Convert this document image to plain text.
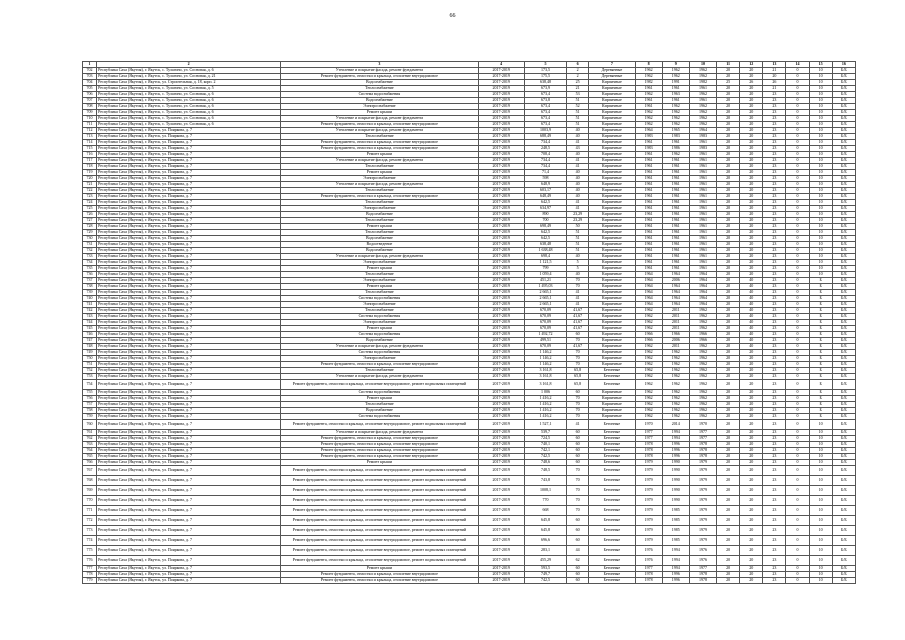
66
1	2	3	4	5	6	7	8	9	10	11	12	13	14	15	16
702	Республика Саха (Якутия), г. Якутск, с. Тулагино, ул. Сосновая, д. 6	Утепление и покрытие фасада, ремонт фундамента	2017-2019	173,5	2	Деревянные	1962	1962	1962	20	20	21	0	10	Б/Б
703	Республика Саха (Якутия), г. Якутск, с. Тулагино, ул. Сосновая, д. 21	Ремонт фундамента, отмостки и крыльца, отопление внутридомовое	2017-2019	175,5	2	Деревянные	1962	1962	1962	20	20	20	0	10	Б/Б
704	Республика Саха (Якутия), г. Якутск, ул. Строительная, д. 18, корп. 2	Водоснабжение	2017-2019	638,48	25	Кирпичные	1982	1991	1982	25	26	26	0	10	Б/Б
705	Республика Саха (Якутия), г. Якутск, с. Тулагино, ул. Сосновая, д. 5	Теплоснабжение	2017-2019	673,9	21	Кирпичные	1961	1961	1961	20	20	21	0	10	Б/Б
706	Республика Саха (Якутия), г. Якутск, с. Тулагино, ул. Сосновая, д. 6	Система водоснабжения	2017-2019	673,4	53	Кирпичные	1962	1963	1962	20	20	23	0	10	Б/Б
707	Республика Саха (Якутия), г. Якутск, с. Тулагино, ул. Сосновая, д. 6	Водоснабжение	2017-2019	673,8	51	Кирпичные	1961	1961	1961	20	20	23	0	10	Б/Б
708	Республика Саха (Якутия), г. Якутск, с. Тулагино, ул. Сосновая, д. 6	Электроснабжение	2017-2019	673,4	52	Кирпичные	1961	1962	1962	20	20	23	0	10	Б/Б
709	Республика Саха (Якутия), г. Якутск, с. Тулагино, ул. Сосновая, д. 6	Ремонт крыши	2017-2019	673,4	51	Кирпичные	1962	1962	1962	20	20	23	0	10	Б/Б
710	Республика Саха (Якутия), г. Якутск, с. Тулагино, ул. Сосновая, д. 6	Утепление и покрытие фасада, ремонт фундамента	2017-2019	673,4	51	Кирпичные	1962	1962	1962	20	20	23	0	10	Б/Б
711	Республика Саха (Якутия), г. Якутск, с. Тулагино, ул. Сосновая, д. 6	Ремонт фундамента, отмостки и крыльца, отопление внутридомовое	2017-2019	673,4	51	Кирпичные	1962	1962	1962	20	20	23	0	10	Б/Б
712	Республика Саха (Якутия), г. Якутск, ул. Пояркова, д. 7	Утепление и покрытие фасада, ремонт фундамента	2017-2019	1003,9	40	Кирпичные	1964	1965	1964	20	20	23	0	10	Б/Б
713	Республика Саха (Якутия), г. Якутск, ул. Пояркова, д. 7	Теплоснабжение	2017-2019	688,49	40	Кирпичные	1983	1983	1983	20	20	23	0	10	Б/Б
714	Республика Саха (Якутия), г. Якутск, ул. Пояркова, д. 7	Ремонт фундамента, отмостки и крыльца, отопление внутридомовое	2017-2019	734,4	41	Кирпичные	1961	1961	1961	20	20	23	0	10	Б/Б
715	Республика Саха (Якутия), г. Якутск, ул. Пояркова, д. 7	Ремонт фундамента, отмостки и крыльца, отопление внутридомовое	2017-2019	248,5	43	Кирпичные	1983	1986	1983	20	20	23	0	10	Б/Б
716	Республика Саха (Якутия), г. Якутск, ул. Пояркова, д. 7	Ремонт крыши	2017-2019	708,4	40	Кирпичные	1961	1962	1961	20	20	23	0	10	Б/Б
717	Республика Саха (Якутия), г. Якутск, ул. Пояркова, д. 7	Утепление и покрытие фасада, ремонт фундамента	2017-2019	734,4	41	Кирпичные	1961	1961	1961	20	20	23	0	10	Б/Б
718	Республика Саха (Якутия), г. Якутск, ул. Пояркова, д. 7	Теплоснабжение	2017-2019	734,4	41	Кирпичные	1961	1961	1961	20	20	23	0	10	Б/Б
719	Республика Саха (Якутия), г. Якутск, ул. Пояркова, д. 7	Ремонт крыши	2017-2019	71,4	40	Кирпичные	1961	1961	1961	20	20	23	0	10	Б/Б
720	Республика Саха (Якутия), г. Якутск, ул. Пояркова, д. 7	Электроснабжение	2017-2019	598	40	Кирпичные	1961	1961	1961	20	20	23	0	10	Б/Б
721	Республика Саха (Якутия), г. Якутск, ул. Пояркова, д. 7	Утепление и покрытие фасада, ремонт фундамента	2017-2019	648,9	40	Кирпичные	1961	1961	1961	20	20	23	0	10	Б/Б
722	Республика Саха (Якутия), г. Якутск, ул. Пояркова, д. 7	Теплоснабжение	2017-2019	603,17	40	Кирпичные	1961	1961	1961	20	20	23	0	10	Б/Б
723	Республика Саха (Якутия), г. Якутск, ул. Пояркова, д. 7	Ремонт фундамента, отмостки и крыльца, отопление внутридомовое	2017-2019	648,49	40	Кирпичные	1961	1961	1961	20	20	23	0	10	Б/Б
724	Республика Саха (Якутия), г. Якутск, ул. Пояркова, д. 7	Теплоснабжение	2017-2019	642,5	41	Кирпичные	1961	1961	1961	20	20	23	0	10	Б/Б
725	Республика Саха (Якутия), г. Якутск, ул. Пояркова, д. 7	Электроснабжение	2017-2019	634,97	41	Кирпичные	1961	1961	1961	20	20	23	0	10	Б/Б
726	Республика Саха (Якутия), г. Якутск, ул. Пояркова, д. 7	Водоснабжение	2017-2019	890	23,29	Кирпичные	1961	1961	1961	20	20	23	0	10	Б/Б
727	Республика Саха (Якутия), г. Якутск, ул. Пояркова, д. 7	Теплоснабжение	2017-2019	700	23,29	Кирпичные	1961	1961	1961	20	20	23	0	10	Б/Б
728	Республика Саха (Якутия), г. Якутск, ул. Пояркова, д. 7	Ремонт крыши	2017-2019	698,49	50	Кирпичные	1961	1961	1961	20	20	23	0	10	Б/Б
729	Республика Саха (Якутия), г. Якутск, ул. Пояркова, д. 7	Теплоснабжение	2017-2019	642,5	51	Кирпичные	1961	1961	1961	20	20	23	0	10	Б/Б
730	Республика Саха (Якутия), г. Якутск, ул. Пояркова, д. 7	Водоснабжение	2017-2019	642,5	51	Кирпичные	1961	1961	1961	20	20	23	0	10	Б/Б
731	Республика Саха (Якутия), г. Якутск, ул. Пояркова, д. 7	Водоотведение	2017-2019	638,48	51	Кирпичные	1961	1961	1961	20	20	23	0	10	Б/Б
732	Республика Саха (Якутия), г. Якутск, ул. Пояркова, д. 7	Водоснабжение	2017-2019	1 638,48	51	Кирпичные	1961	1961	1961	20	20	23	0	10	Б/Б
733	Республика Саха (Якутия), г. Якутск, ул. Пояркова, д. 7	Утепление и покрытие фасада, ремонт фундамента	2017-2019	698,4	40	Кирпичные	1961	1961	1961	20	20	23	0	10	Б/Б
734	Республика Саха (Якутия), г. Якутск, ул. Пояркова, д. 7	Электроснабжение	2017-2019	1 121,5	5	Кирпичные	1961	1961	1961	20	20	23	0	10	Б/Б
735	Республика Саха (Якутия), г. Якутск, ул. Пояркова, д. 7	Ремонт крыши	2017-2019	799	5	Кирпичные	1961	1961	1961	20	20	23	0	10	Б/Б
736	Республика Саха (Якутия), г. Якутск, ул. Пояркова, д. 7	Теплоснабжение	2017-2019	1 059,4	40	Кирпичные	1964	1964	1964	20	20	23	0	10	Б/Б
737	Республика Саха (Якутия), г. Якутск, ул. Пояркова, д. 7	Электроснабжение	2017-2019	451,21	70	Кирпичные	1964	2006	1964	20	40	23	0	Б	Б/Б
738	Республика Саха (Якутия), г. Якутск, ул. Пояркова, д. 7	Ремонт крыши	2017-2019	1 495,03	70	Кирпичные	1964	1964	1964	20	40	23	0	Б	Б/Б
739	Республика Саха (Якутия), г. Якутск, ул. Пояркова, д. 7	Теплоснабжение	2017-2019	2 665,1	41	Кирпичные	1964	1964	1964	20	40	23	0	Б	Б/Б
740	Республика Саха (Якутия), г. Якутск, ул. Пояркова, д. 7	Система водоснабжения	2017-2019	2 665,1	41	Кирпичные	1964	1964	1964	20	40	23	0	Б	Б/Б
741	Республика Саха (Якутия), г. Якутск, ул. Пояркова, д. 7	Электроснабжение	2017-2019	2 665,1	41	Кирпичные	1964	1964	1964	20	40	23	0	Б	Б/Б
742	Республика Саха (Якутия), г. Якутск, ул. Пояркова, д. 7	Теплоснабжение	2017-2019	670,09	41,67	Кирпичные	1962	2011	1962	20	40	23	0	Б	Б/Б
743	Республика Саха (Якутия), г. Якутск, ул. Пояркова, д. 7	Система водоснабжения	2017-2019	670,09	41,67	Кирпичные	1962	2011	1962	20	40	23	0	Б	Б/Б
744	Республика Саха (Якутия), г. Якутск, ул. Пояркова, д. 7	Электроснабжение	2017-2019	670,09	41,67	Кирпичные	1962	2011	1962	20	40	23	0	Б	Б/Б
745	Республика Саха (Якутия), г. Якутск, ул. Пояркова, д. 7	Ремонт крыши	2017-2019	670,09	41,67	Кирпичные	1962	2011	1962	20	40	23	0	Б	Б/Б
746	Республика Саха (Якутия), г. Якутск, ул. Пояркова, д. 7	Система водоснабжения	2017-2019	1 492,72	60	Кирпичные	1966	1966	1966	20	40	23	0	Б	Б/Б
747	Республика Саха (Якутия), г. Якутск, ул. Пояркова, д. 7	Водоснабжение	2017-2019	499,51	70	Кирпичные	1966	2006	1966	20	40	23	0	Б	Б/Б
748	Республика Саха (Якутия), г. Якутск, ул. Пояркова, д. 7	Утепление и покрытие фасада, ремонт фундамента	2017-2019	670,09	41,67	Кирпичные	1962	2011	1962	20	40	23	0	Б	Б/Б
749	Республика Саха (Якутия), г. Якутск, ул. Пояркова, д. 7	Система водоснабжения	2017-2019	1 146,2	70	Кирпичные	1962	1962	1962	20	20	23	0	Б	Б/Б
750	Республика Саха (Якутия), г. Якутск, ул. Пояркова, д. 7	Электроснабжение	2017-2019	1 146,2	70	Кирпичные	1962	1962	1962	20	20	23	0	Б	Б/Б
751	Республика Саха (Якутия), г. Якутск, ул. Пояркова, д. 7	Ремонт фундамента, отмостки и крыльца, отопление внутридомовое	2017-2019	1 146,2	70	Кирпичные	1962	1962	1962	20	20	23	0	Б	Б/Б
752	Республика Саха (Якутия), г. Якутск, ул. Пояркова, д. 7	Теплоснабжение	2017-2019	3 161,8	65,8	Бетонные	1962	1962	1962	20	20	23	0	Б	Б/Б
753	Республика Саха (Якутия), г. Якутск, ул. Пояркова, д. 7	Утепление и покрытие фасада, ремонт фундамента	2017-2019	3 161,8	65,8	Бетонные	1962	1962	1962	20	20	23	0	Б	Б/Б
754	Республика Саха (Якутия), г. Якутск, ул. Пояркова, д. 7	Ремонт фундамента, отмостки и крыльца, отопление внутридомовое, ремонт подвальных помещений	2017-2019	3 161,8	65,8	Бетонные	1962	1962	1962	20	20	23	0	Б	Б/Б
755	Республика Саха (Якутия), г. Якутск, ул. Пояркова, д. 7	Система водоснабжения	2017-2019	1 006	60	Кирпичные	1962	1962	1962	20	20	23	0	Б	Б/Б
756	Республика Саха (Якутия), г. Якутск, ул. Пояркова, д. 7	Ремонт крыши	2017-2019	1 416,2	70	Кирпичные	1962	1962	1962	20	20	23	0	Б	Б/Б
757	Республика Саха (Якутия), г. Якутск, ул. Пояркова, д. 7	Теплоснабжение	2017-2019	1 416,2	70	Кирпичные	1962	1962	1962	20	20	23	0	Б	Б/Б
758	Республика Саха (Якутия), г. Якутск, ул. Пояркова, д. 7	Водоснабжение	2017-2019	1 416,2	70	Кирпичные	1962	1962	1962	20	20	23	0	Б	Б/Б
759	Республика Саха (Якутия), г. Якутск, ул. Пояркова, д. 7	Система водоснабжения	2017-2019	1 416,2	70	Кирпичные	1962	1962	1962	20	20	23	0	Б	Б/Б
760	Республика Саха (Якутия), г. Якутск, ул. Пояркова, д. 7	Ремонт фундамента, отмостки и крыльца, отопление внутридомовое, ремонт подвальных помещений	2017-2019	1 527,1	41	Бетонные	1970	2014	1970	20	20	23	0	10	Б/Б
761	Республика Саха (Якутия), г. Якутск, ул. Пояркова, д. 7	Утепление и покрытие фасада, ремонт фундамента	2017-2019	539,7	60	Бетонные	1977	1994	1977	20	20	23	0	10	Б/Б
762	Республика Саха (Якутия), г. Якутск, ул. Пояркова, д. 7	Ремонт фундамента, отмостки и крыльца, отопление внутридомовое	2017-2019	724,5	60	Бетонные	1977	1994	1977	20	20	23	0	10	Б/Б
763	Республика Саха (Якутия), г. Якутск, ул. Пояркова, д. 7	Ремонт фундамента, отмостки и крыльца, отопление внутридомовое	2017-2019	740,1	60	Бетонные	1978	1996	1978	20	20	23	0	10	Б/Б
764	Республика Саха (Якутия), г. Якутск, ул. Пояркова, д. 7	Ремонт фундамента, отмостки и крыльца, отопление внутридомовое	2017-2019	742,1	60	Бетонные	1978	1996	1978	20	20	23	0	10	Б/Б
765	Республика Саха (Якутия), г. Якутск, ул. Пояркова, д. 7	Ремонт фундамента, отмостки и крыльца, отопление внутридомовое	2017-2019	742,5	60	Бетонные	1978	1996	1978	20	20	23	0	10	Б/Б
766	Республика Саха (Якутия), г. Якутск, ул. Пояркова, д. 7	Ремонт крыши	2017-2019	748,6	60	Бетонные	1979	1990	1979	20	20	23	0	10	Б/Б
767	Республика Саха (Якутия), г. Якутск, ул. Пояркова, д. 7	Ремонт фундамента, отмостки и крыльца, отопление внутридомовое, ремонт подвальных помещений	2017-2019	748,5	70	Бетонные	1979	1990	1979	20	20	23	0	10	Б/Б
768	Республика Саха (Якутия), г. Якутск, ул. Пояркова, д. 7	Ремонт фундамента, отмостки и крыльца, отопление внутридомовое, ремонт подвальных помещений	2017-2019	743,8	70	Бетонные	1979	1990	1979	20	20	23	0	10	Б/Б
769	Республика Саха (Якутия), г. Якутск, ул. Пояркова, д. 7	Ремонт фундамента, отмостки и крыльца, отопление внутридомовое, ремонт подвальных помещений	2017-2019	1008,1	70	Бетонные	1979	1990	1979	20	20	23	0	10	Б/Б
770	Республика Саха (Якутия), г. Якутск, ул. Пояркова, д. 7	Ремонт фундамента, отмостки и крыльца, отопление внутридомовое, ремонт подвальных помещений	2017-2019	770	70	Бетонные	1979	1990	1979	20	20	23	0	10	Б/Б
771	Республика Саха (Якутия), г. Якутск, ул. Пояркова, д. 7	Ремонт фундамента, отмостки и крыльца, отопление внутридомовое, ремонт подвальных помещений	2017-2019	668	70	Бетонные	1979	1985	1979	20	20	23	0	10	Б/Б
772	Республика Саха (Якутия), г. Якутск, ул. Пояркова, д. 7	Ремонт фундамента, отмостки и крыльца, отопление внутридомовое, ремонт подвальных помещений	2017-2019	645,8	60	Бетонные	1979	1985	1979	20	20	23	0	10	Б/Б
773	Республика Саха (Якутия), г. Якутск, ул. Пояркова, д. 7	Ремонт фундамента, отмостки и крыльца, отопление внутридомовое, ремонт подвальных помещений	2017-2019	645,8	60	Бетонные	1979	1985	1979	20	20	23	0	10	Б/Б
774	Республика Саха (Якутия), г. Якутск, ул. Пояркова, д. 7	Ремонт фундамента, отмостки и крыльца, отопление внутридомовое, ремонт подвальных помещений	2017-2019	696,6	60	Бетонные	1979	1985	1979	20	20	23	0	10	Б/Б
775	Республика Саха (Якутия), г. Якутск, ул. Пояркова, д. 7	Ремонт фундамента, отмостки и крыльца, отопление внутридомовое, ремонт подвальных помещений	2017-2019	283,1	44	Бетонные	1976	1994	1976	20	20	23	0	10	Б/Б
776	Республика Саха (Якутия), г. Якутск, ул. Пояркова, д. 7	Ремонт фундамента, отмостки и крыльца, отопление внутридомовое, ремонт подвальных помещений	2017-2019	455,29	62	Бетонные	1976	1994	1976	20	20	23	0	10	Б/Б
777	Республика Саха (Якутия), г. Якутск, ул. Пояркова, д. 7	Ремонт крыши	2017-2019	593,5	60	Бетонные	1977	1994	1977	20	20	23	0	10	Б/Б
778	Республика Саха (Якутия), г. Якутск, ул. Пояркова, д. 7	Ремонт фундамента, отмостки и крыльца, отопление внутридомовое	2017-2019	749,7	60	Бетонные	1978	1996	1978	20	20	23	0	10	Б/Б
779	Республика Саха (Якутия), г. Якутск, ул. Пояркова, д. 7	Ремонт фундамента, отмостки и крыльца, отопление внутридомовое	2017-2019	742,5	60	Бетонные	1978	1996	1978	20	20	23	0	10	Б/Б
